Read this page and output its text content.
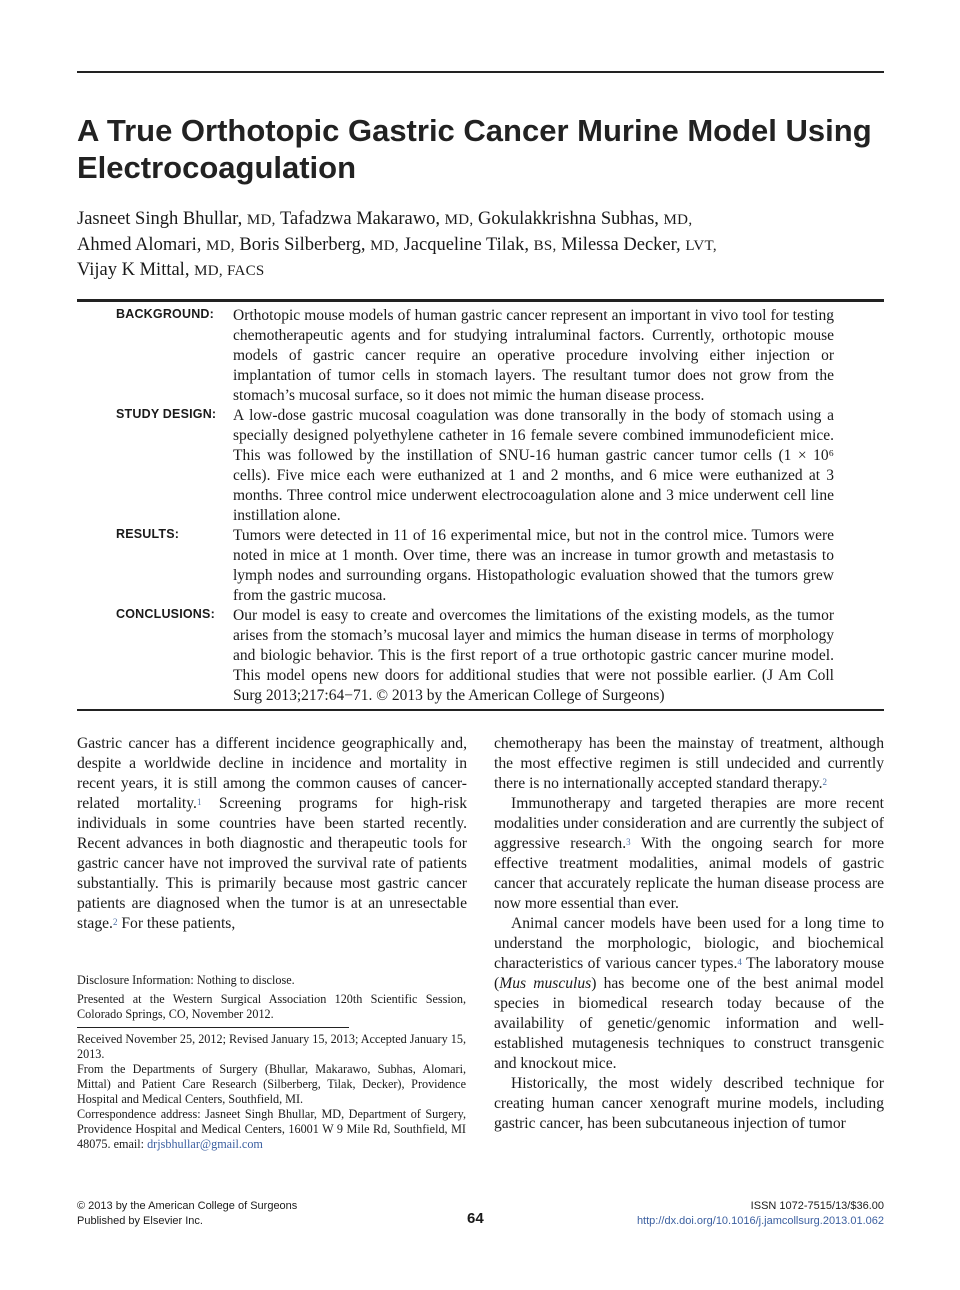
A True Orthotopic Gastric Cancer Murine Model Using Electrocoagulation
Jasneet Singh Bhullar, MD, Tafadzwa Makarawo, MD, Gokulakkrishna Subhas, MD,
Ahmed Alomari, MD, Boris Silberberg, MD, Jacqueline Tilak, BS, Milessa Decker, LVT,
Vijay K Mittal, MD, FACS
BACKGROUND: Orthotopic mouse models of human gastric cancer represent an important in vivo tool for testing chemotherapeutic agents and for studying intraluminal factors. Currently, orthotopic mouse models of gastric cancer require an operative procedure involving either injection or implantation of tumor cells in stomach layers. The resultant tumor does not grow from the stomach’s mucosal surface, so it does not mimic the human disease process.
STUDY DESIGN: A low-dose gastric mucosal coagulation was done transorally in the body of stomach using a specially designed polyethylene catheter in 16 female severe combined immunodeficient mice. This was followed by the instillation of SNU-16 human gastric cancer tumor cells (1 × 10⁶ cells). Five mice each were euthanized at 1 and 2 months, and 6 mice were euthanized at 3 months. Three control mice underwent electrocoagulation alone and 3 mice underwent cell line instillation alone.
RESULTS:	Tumors were detected in 11 of 16 experimental mice, but not in the control mice. Tumors were noted in mice at 1 month. Over time, there was an increase in tumor growth and metastasis to lymph nodes and surrounding organs. Histopathologic evaluation showed that the tumors grew from the gastric mucosa.
CONCLUSIONS: Our model is easy to create and overcomes the limitations of the existing models, as the tumor arises from the stomach’s mucosal layer and mimics the human disease in terms of morphology and biologic behavior. This is the first report of a true orthotopic gastric cancer murine model. This model opens new doors for additional studies that were not possible earlier. (J Am Coll Surg 2013;217:64−71. © 2013 by the American College of Surgeons)

Gastric cancer has a different incidence geographically and, despite a worldwide decline in incidence and mortality in recent years, it is still among the common causes of cancer-related mortality.$^1$ Screening programs for high-risk individuals in some countries have been started recently. Recent advances in both diagnostic and therapeutic tools for gastric cancer have not improved the survival rate of patients substantially. This is primarily because most gastric cancer patients are diagnosed when the tumor is at an unresectable stage.$^2$ For these patients,

Disclosure Information: Nothing to disclose.
Presented at the Western Surgical Association 120th Scientific Session, Colorado Springs, CO, November 2012.

Received November 25, 2012; Revised January 15, 2013; Accepted January 15, 2013.

From the Departments of Surgery (Bhullar, Makarawo, Subhas, Alomari, Mittal) and Patient Care Research (Silberberg, Tilak, Decker), Providence Hospital and Medical Centers, Southfield, MI.

Correspondence address: Jasneet Singh Bhullar, MD, Department of Surgery, Providence Hospital and Medical Centers, 16001 W 9 Mile Rd, Southfield, MI 48075. email: drjsbhullar@gmail.com

chemotherapy has been the mainstay of treatment, although the most effective regimen is still undecided and currently there is no internationally accepted standard therapy.$^2$

Immunotherapy and targeted therapies are more recent modalities under consideration and are currently the subject of aggressive research.$^3$ With the ongoing search for more effective treatment modalities, animal models of gastric cancer that accurately replicate the human disease process are now more essential than ever.

Animal cancer models have been used for a long time to understand the morphologic, biologic, and biochemical characteristics of various cancer types.$^4$ The laboratory mouse (Mus musculus) has become one of the best animal model species in biomedical research today because of the availability of genetic/genomic information and well-established mutagenesis techniques to construct transgenic and knockout mice.

Historically, the most widely described technique for creating human cancer xenograft murine models, including gastric cancer, has been subcutaneous injection of tumor

© 2013 by the American College of Surgeons
Published by Elsevier Inc.	64
ISSN 1072-7515/13/$36.00
http://dx.doi.org/10.1016/j.jamcollsurg.2013.01.062
